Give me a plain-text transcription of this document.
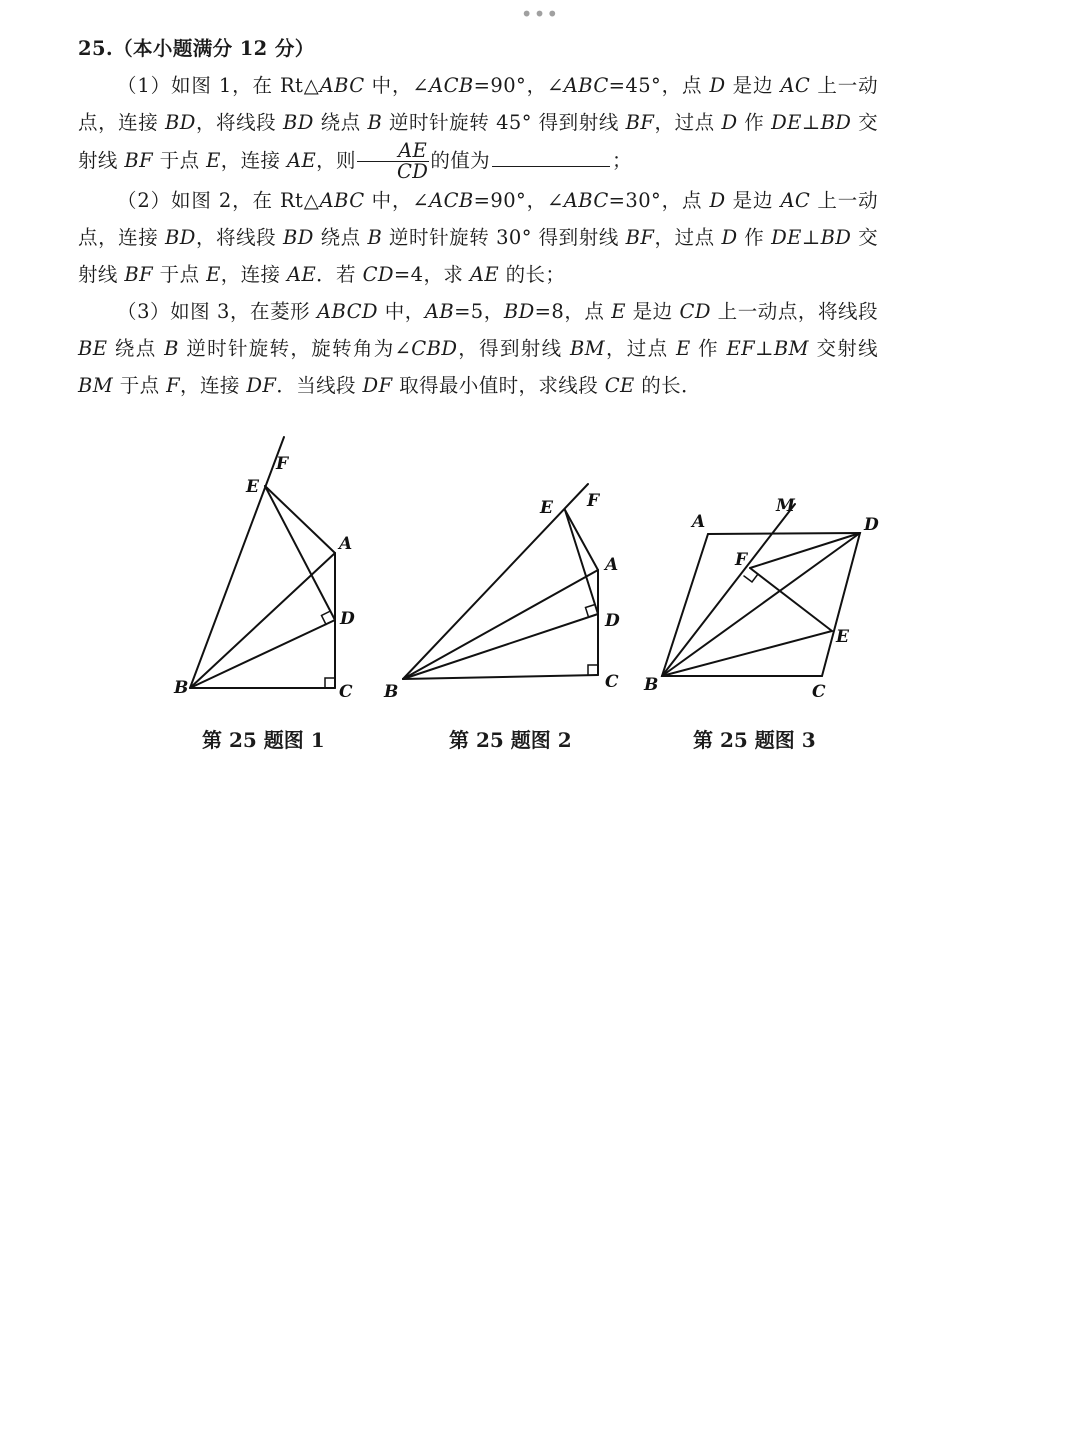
•••

25.（本小题满分 12 分）

（1）如图 1，在 Rt△ABC 中，∠ACB=90°，∠ABC=45°，点 D 是边 AC 上一动点，连接 BD，将线段 BD 绕点 B 逆时针旋转 45° 得到射线 BF，过点 D 作 DE⊥BD 交射线 BF 于点 E，连接 AE，则 $\frac{AE}{CD}$ 的值为	；

（2）如图 2，在 Rt△ABC 中，∠ACB=90°，∠ABC=30°，点 D 是边 AC 上一动点，连接 BD，将线段 BD 绕点 B 逆时针旋转 30° 得到射线 BF，过点 D 作 DE⊥BD 交射线 BF 于点 E，连接 AE．若 CD=4，求 AE 的长；

（3）如图 3，在菱形 ABCD 中，AB=5，BD=8，点 E 是边 CD 上一动点，将线段 BE 绕点 B 逆时针旋转，旋转角为∠CBD，得到射线 BM，过点 E 作 EF⊥BM 交射线 BM 于点 F，连接 DF．当线段 DF 取得最小值时，求线段 CE 的长．

F
E
A
D
B	C
E F
A
D
B	C
A
M
D
F
E
B	C
第 25 题图 1	第 25 题图 2	第 25 题图 3
